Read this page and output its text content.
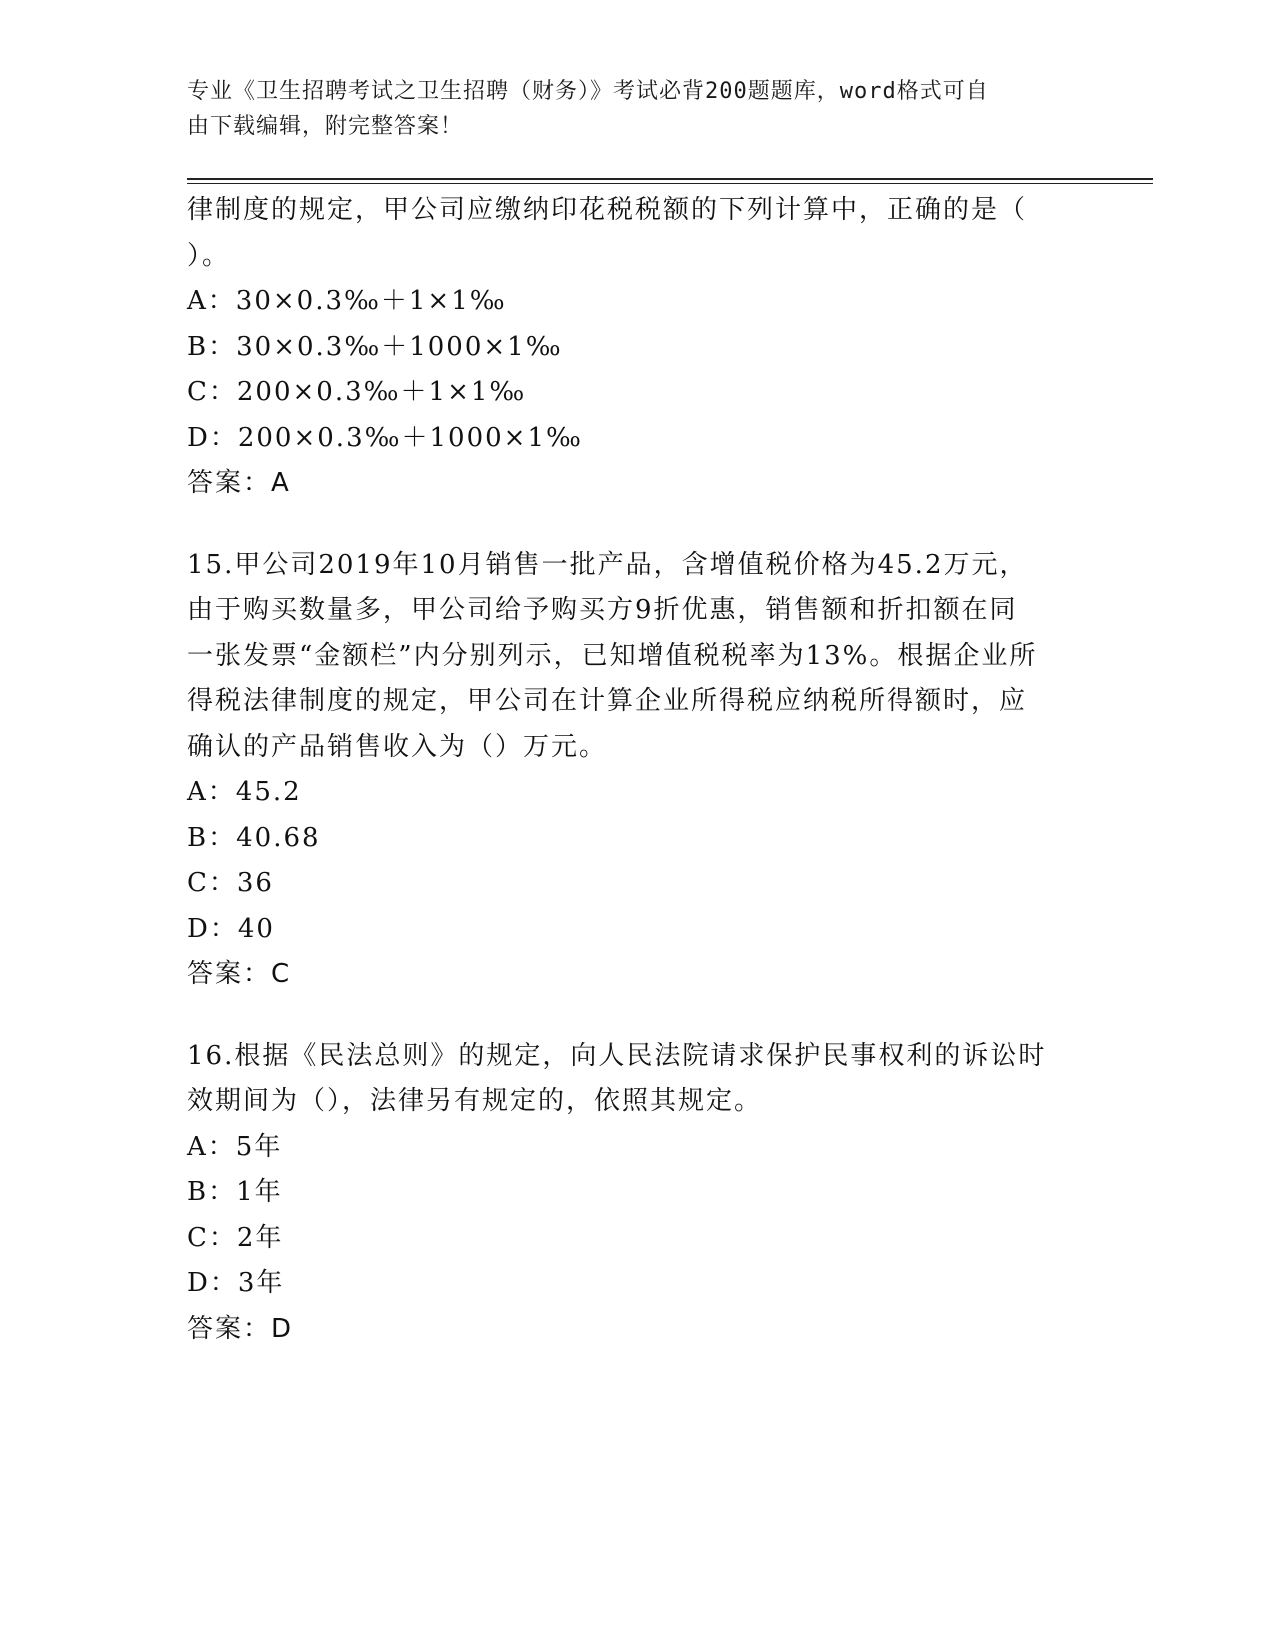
专业《卫生招聘考试之卫生招聘（财务）》考试必背200题题库，word格式可自
由下载编辑，附完整答案！
律制度的规定，甲公司应缴纳印花税税额的下列计算中，正确的是（
）。
A：30×0.3‰＋1×1‰
B：30×0.3‰＋1000×1‰
C：200×0.3‰＋1×1‰
D：200×0.3‰＋1000×1‰
答案：A
15.甲公司2019年10月销售一批产品，含增值税价格为45.2万元，
由于购买数量多，甲公司给予购买方9折优惠，销售额和折扣额在同
一张发票“金额栏”内分别列示，已知增值税税率为13%。根据企业所
得税法律制度的规定，甲公司在计算企业所得税应纳税所得额时，应
确认的产品销售收入为（）万元。
A：45.2
B：40.68
C：36
D：40
答案：C
16.根据《民法总则》的规定，向人民法院请求保护民事权利的诉讼时
效期间为（），法律另有规定的，依照其规定。
A：5年
B：1年
C：2年
D：3年
答案：D
